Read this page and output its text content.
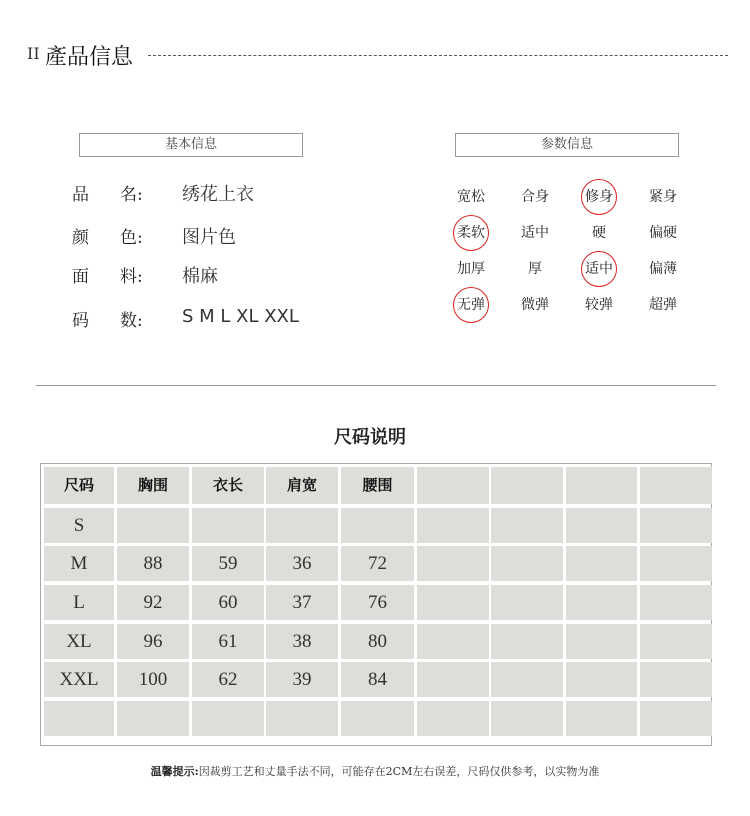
II 產品信息
基本信息	参数信息
品	名:	绣花上衣
颜	色:	图片色
面	料:	棉麻
码	数:	S M L XL XXL
宽松	合身	修身	紧身
柔软	适中	硬	偏硬
加厚	厚	适中	偏薄
无弹	微弹	较弹	超弹
尺码说明
尺码	胸围	衣长	肩宽	腰围
S
M	88	59	36	72
L	92	60	37	76
XL	96	61	38	80
XXL	100	62	39	84
温馨提示:因裁剪工艺和丈量手法不同，可能存在2CM左右误差，尺码仅供参考，以实物为准
